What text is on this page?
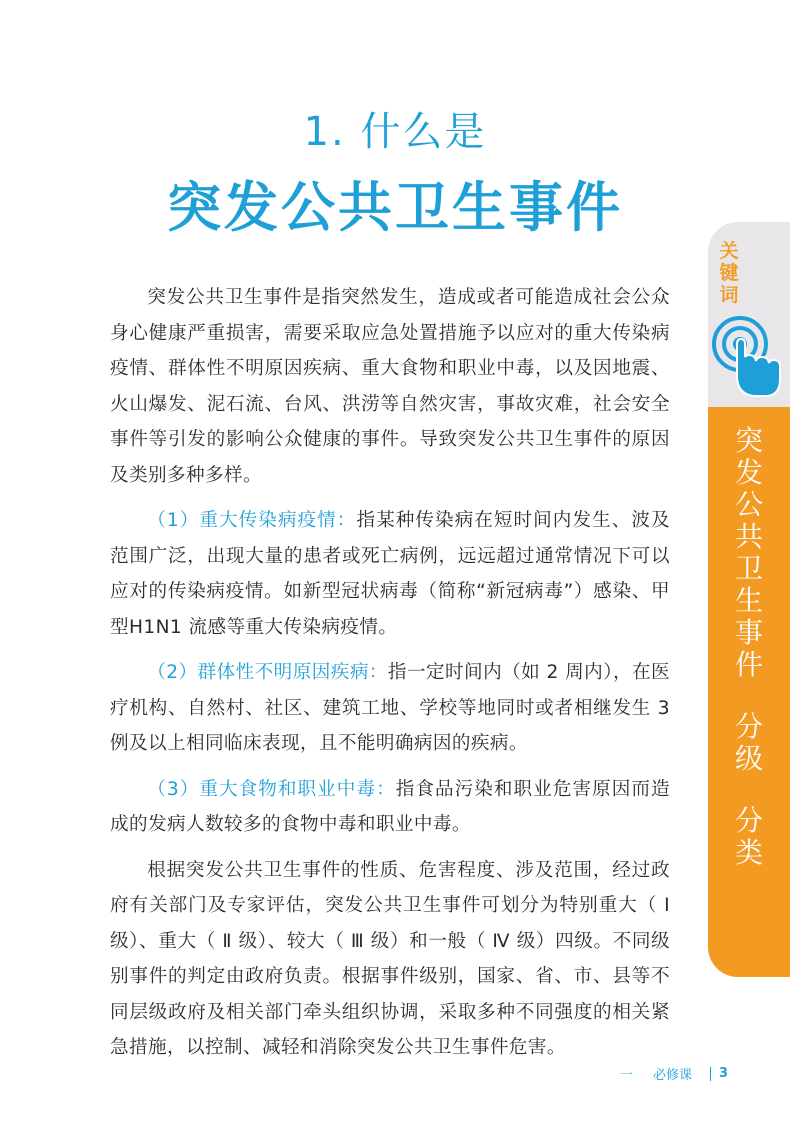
1. 什么是
突发公共卫生事件

突发公共卫生事件是指突然发生，造成或者可能造成社会公众身心健康严重损害，需要采取应急处置措施予以应对的重大传染病疫情、群体性不明原因疾病、重大食物和职业中毒，以及因地震、火山爆发、泥石流、台风、洪涝等自然灾害，事故灾难，社会安全事件等引发的影响公众健康的事件。导致突发公共卫生事件的原因及类别多种多样。

（1）重大传染病疫情：指某种传染病在短时间内发生、波及范围广泛，出现大量的患者或死亡病例，远远超过通常情况下可以应对的传染病疫情。如新型冠状病毒（简称“新冠病毒”）感染、甲型H1N1 流感等重大传染病疫情。

（2）群体性不明原因疾病：指一定时间内（如 2 周内），在医疗机构、自然村、社区、建筑工地、学校等地同时或者相继发生 3 例及以上相同临床表现，且不能明确病因的疾病。

（3）重大食物和职业中毒：指食品污染和职业危害原因而造成的发病人数较多的食物中毒和职业中毒。

根据突发公共卫生事件的性质、危害程度、涉及范围，经过政府有关部门及专家评估，突发公共卫生事件可划分为特别重大（ Ⅰ级）、重大（ Ⅱ 级）、较大（ Ⅲ 级）和一般（ Ⅳ 级）四级。不同级别事件的判定由政府负责。根据事件级别，国家、省、市、县等不同层级政府及相关部门牵头组织协调，采取多种不同强度的相关紧急措施，以控制、减轻和消除突发公共卫生事件危害。

关键词
突发公共卫生事件
分级
分类
一 必修课 3
